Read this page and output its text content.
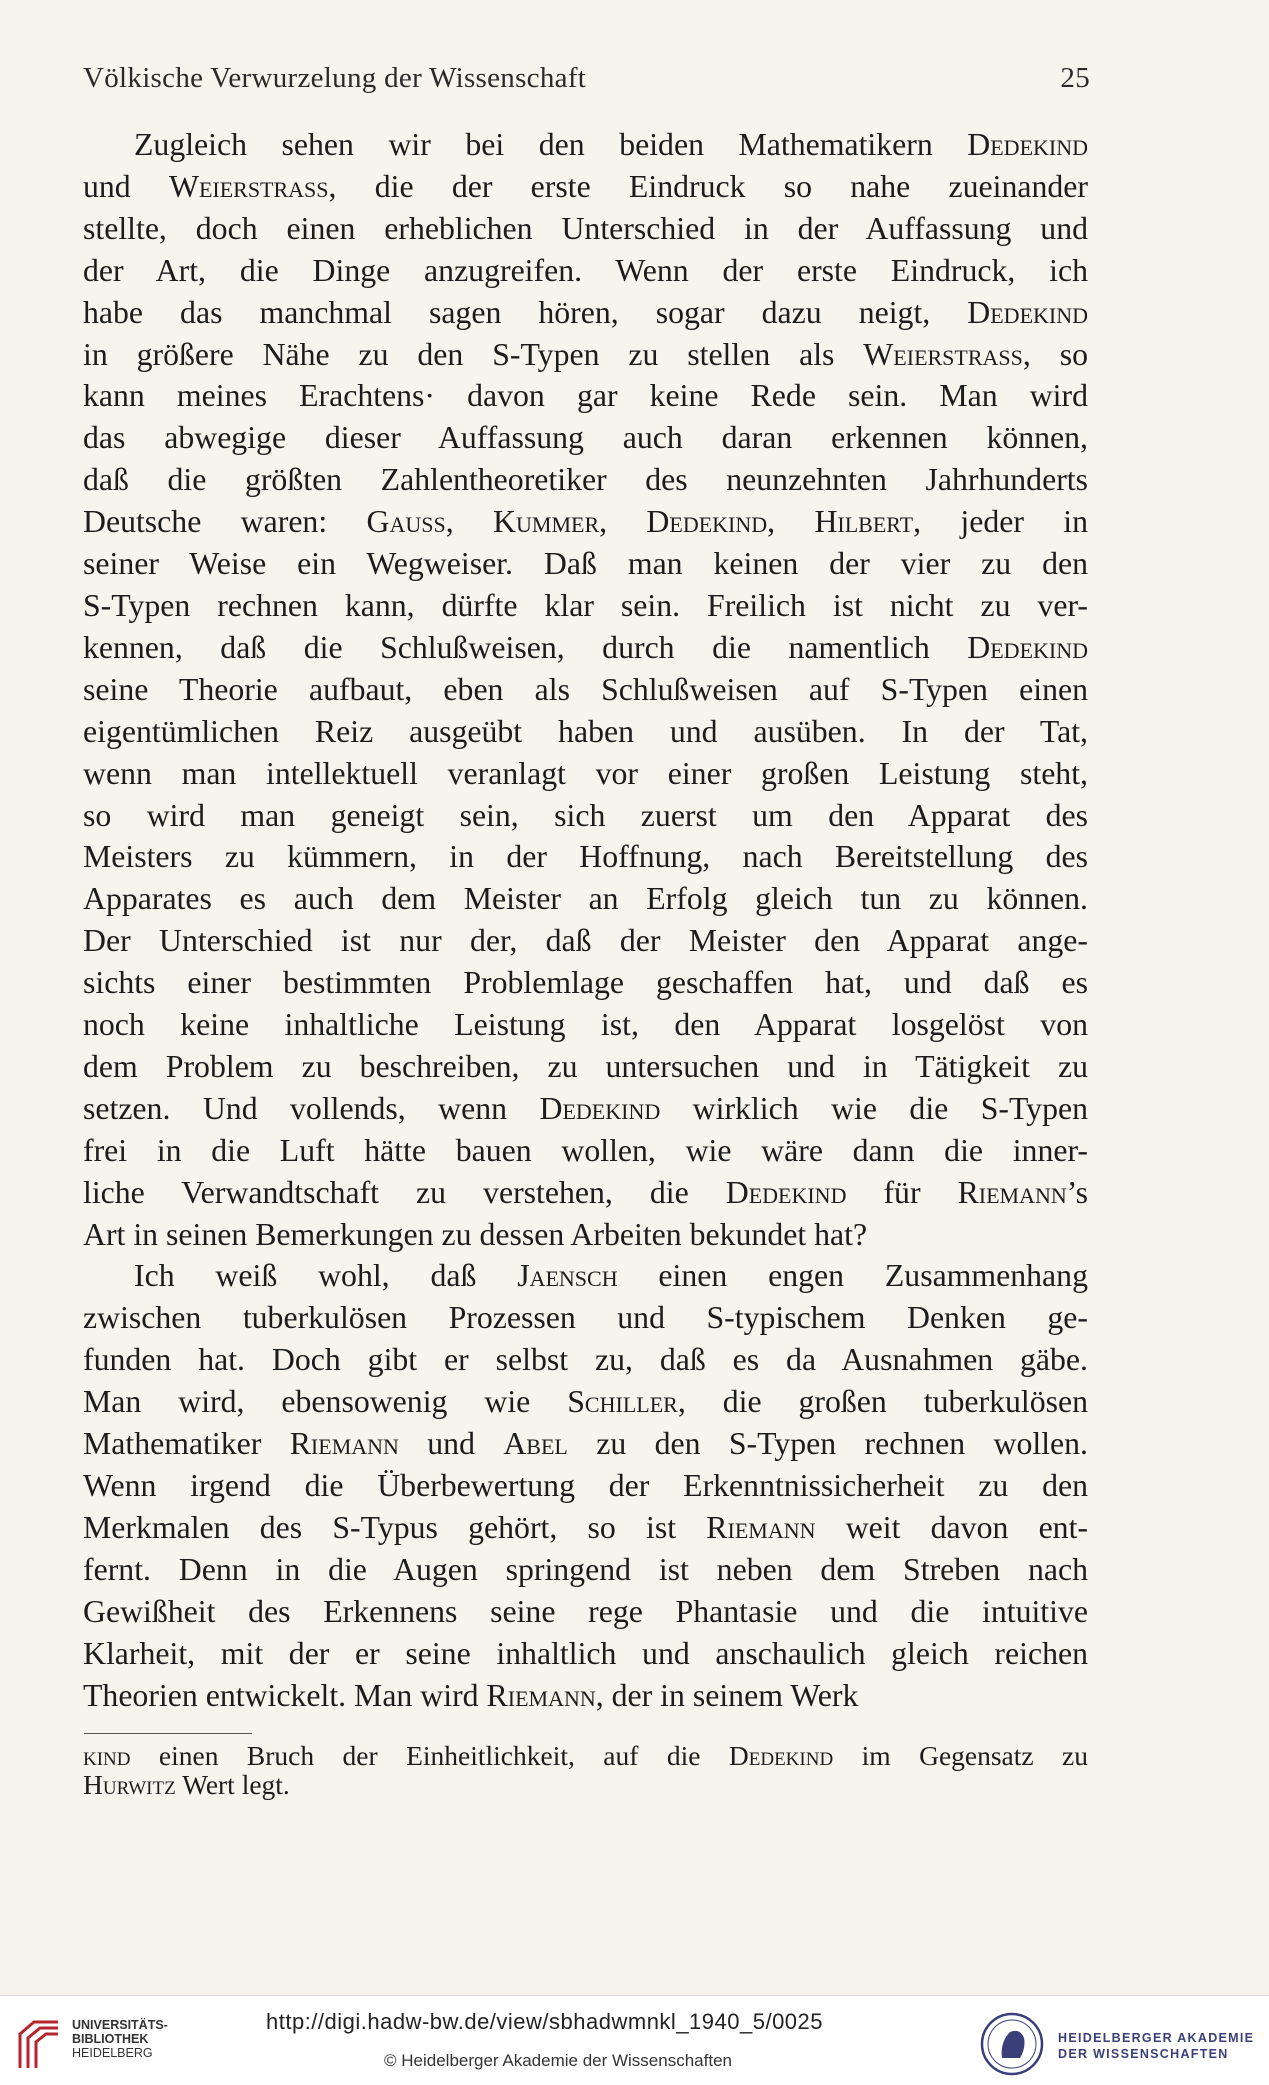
Völkische Verwurzelung der Wissenschaft	25

Zugleich sehen wir bei den beiden Mathematikern Dedekind
und Weierstrass, die der erste Eindruck so nahe zueinander
stellte, doch einen erheblichen Unterschied in der Auffassung und
der Art, die Dinge anzugreifen. Wenn der erste Eindruck, ich
habe das manchmal sagen hören, sogar dazu neigt, Dedekind
in größere Nähe zu den S-Typen zu stellen als Weierstrass, so
kann meines Erachtens· davon gar keine Rede sein. Man wird
das abwegige dieser Auffassung auch daran erkennen können,
daß die größten Zahlentheoretiker des neunzehnten Jahrhunderts
Deutsche waren: Gauss, Kummer, Dedekind, Hilbert, jeder in
seiner Weise ein Wegweiser. Daß man keinen der vier zu den
S-Typen rechnen kann, dürfte klar sein. Freilich ist nicht zu ver-
kennen, daß die Schlußweisen, durch die namentlich Dedekind
seine Theorie aufbaut, eben als Schlußweisen auf S-Typen einen
eigentümlichen Reiz ausgeübt haben und ausüben. In der Tat,
wenn man intellektuell veranlagt vor einer großen Leistung steht,
so wird man geneigt sein, sich zuerst um den Apparat des
Meisters zu kümmern, in der Hoffnung, nach Bereitstellung des
Apparates es auch dem Meister an Erfolg gleich tun zu können.
Der Unterschied ist nur der, daß der Meister den Apparat ange-
sichts einer bestimmten Problemlage geschaffen hat, und daß es
noch keine inhaltliche Leistung ist, den Apparat losgelöst von
dem Problem zu beschreiben, zu untersuchen und in Tätigkeit zu
setzen. Und vollends, wenn Dedekind wirklich wie die S-Typen
frei in die Luft hätte bauen wollen, wie wäre dann die inner-
liche Verwandtschaft zu verstehen, die Dedekind für Riemann’s
Art in seinen Bemerkungen zu dessen Arbeiten bekundet hat?

Ich weiß wohl, daß Jaensch einen engen Zusammenhang
zwischen tuberkulösen Prozessen und S-typischem Denken ge-
funden hat. Doch gibt er selbst zu, daß es da Ausnahmen gäbe.
Man wird, ebensowenig wie Schiller, die großen tuberkulösen
Mathematiker Riemann und Abel zu den S-Typen rechnen wollen.
Wenn irgend die Überbewertung der Erkenntnissicherheit zu den
Merkmalen des S-Typus gehört, so ist Riemann weit davon ent-
fernt. Denn in die Augen springend ist neben dem Streben nach
Gewißheit des Erkennens seine rege Phantasie und die intuitive
Klarheit, mit der er seine inhaltlich und anschaulich gleich reichen
Theorien entwickelt. Man wird Riemann, der in seinem Werk

kind einen Bruch der Einheitlichkeit, auf die Dedekind im Gegensatz zu
Hurwitz Wert legt.
UNIVERSITÄTS-
BIBLIOTHEK
HEIDELBERG
http://digi.hadw-bw.de/view/sbhadwmnkl_1940_5/0025
© Heidelberger Akademie der Wissenschaften
HEIDELBERGER AKADEMIE
DER WISSENSCHAFTEN
